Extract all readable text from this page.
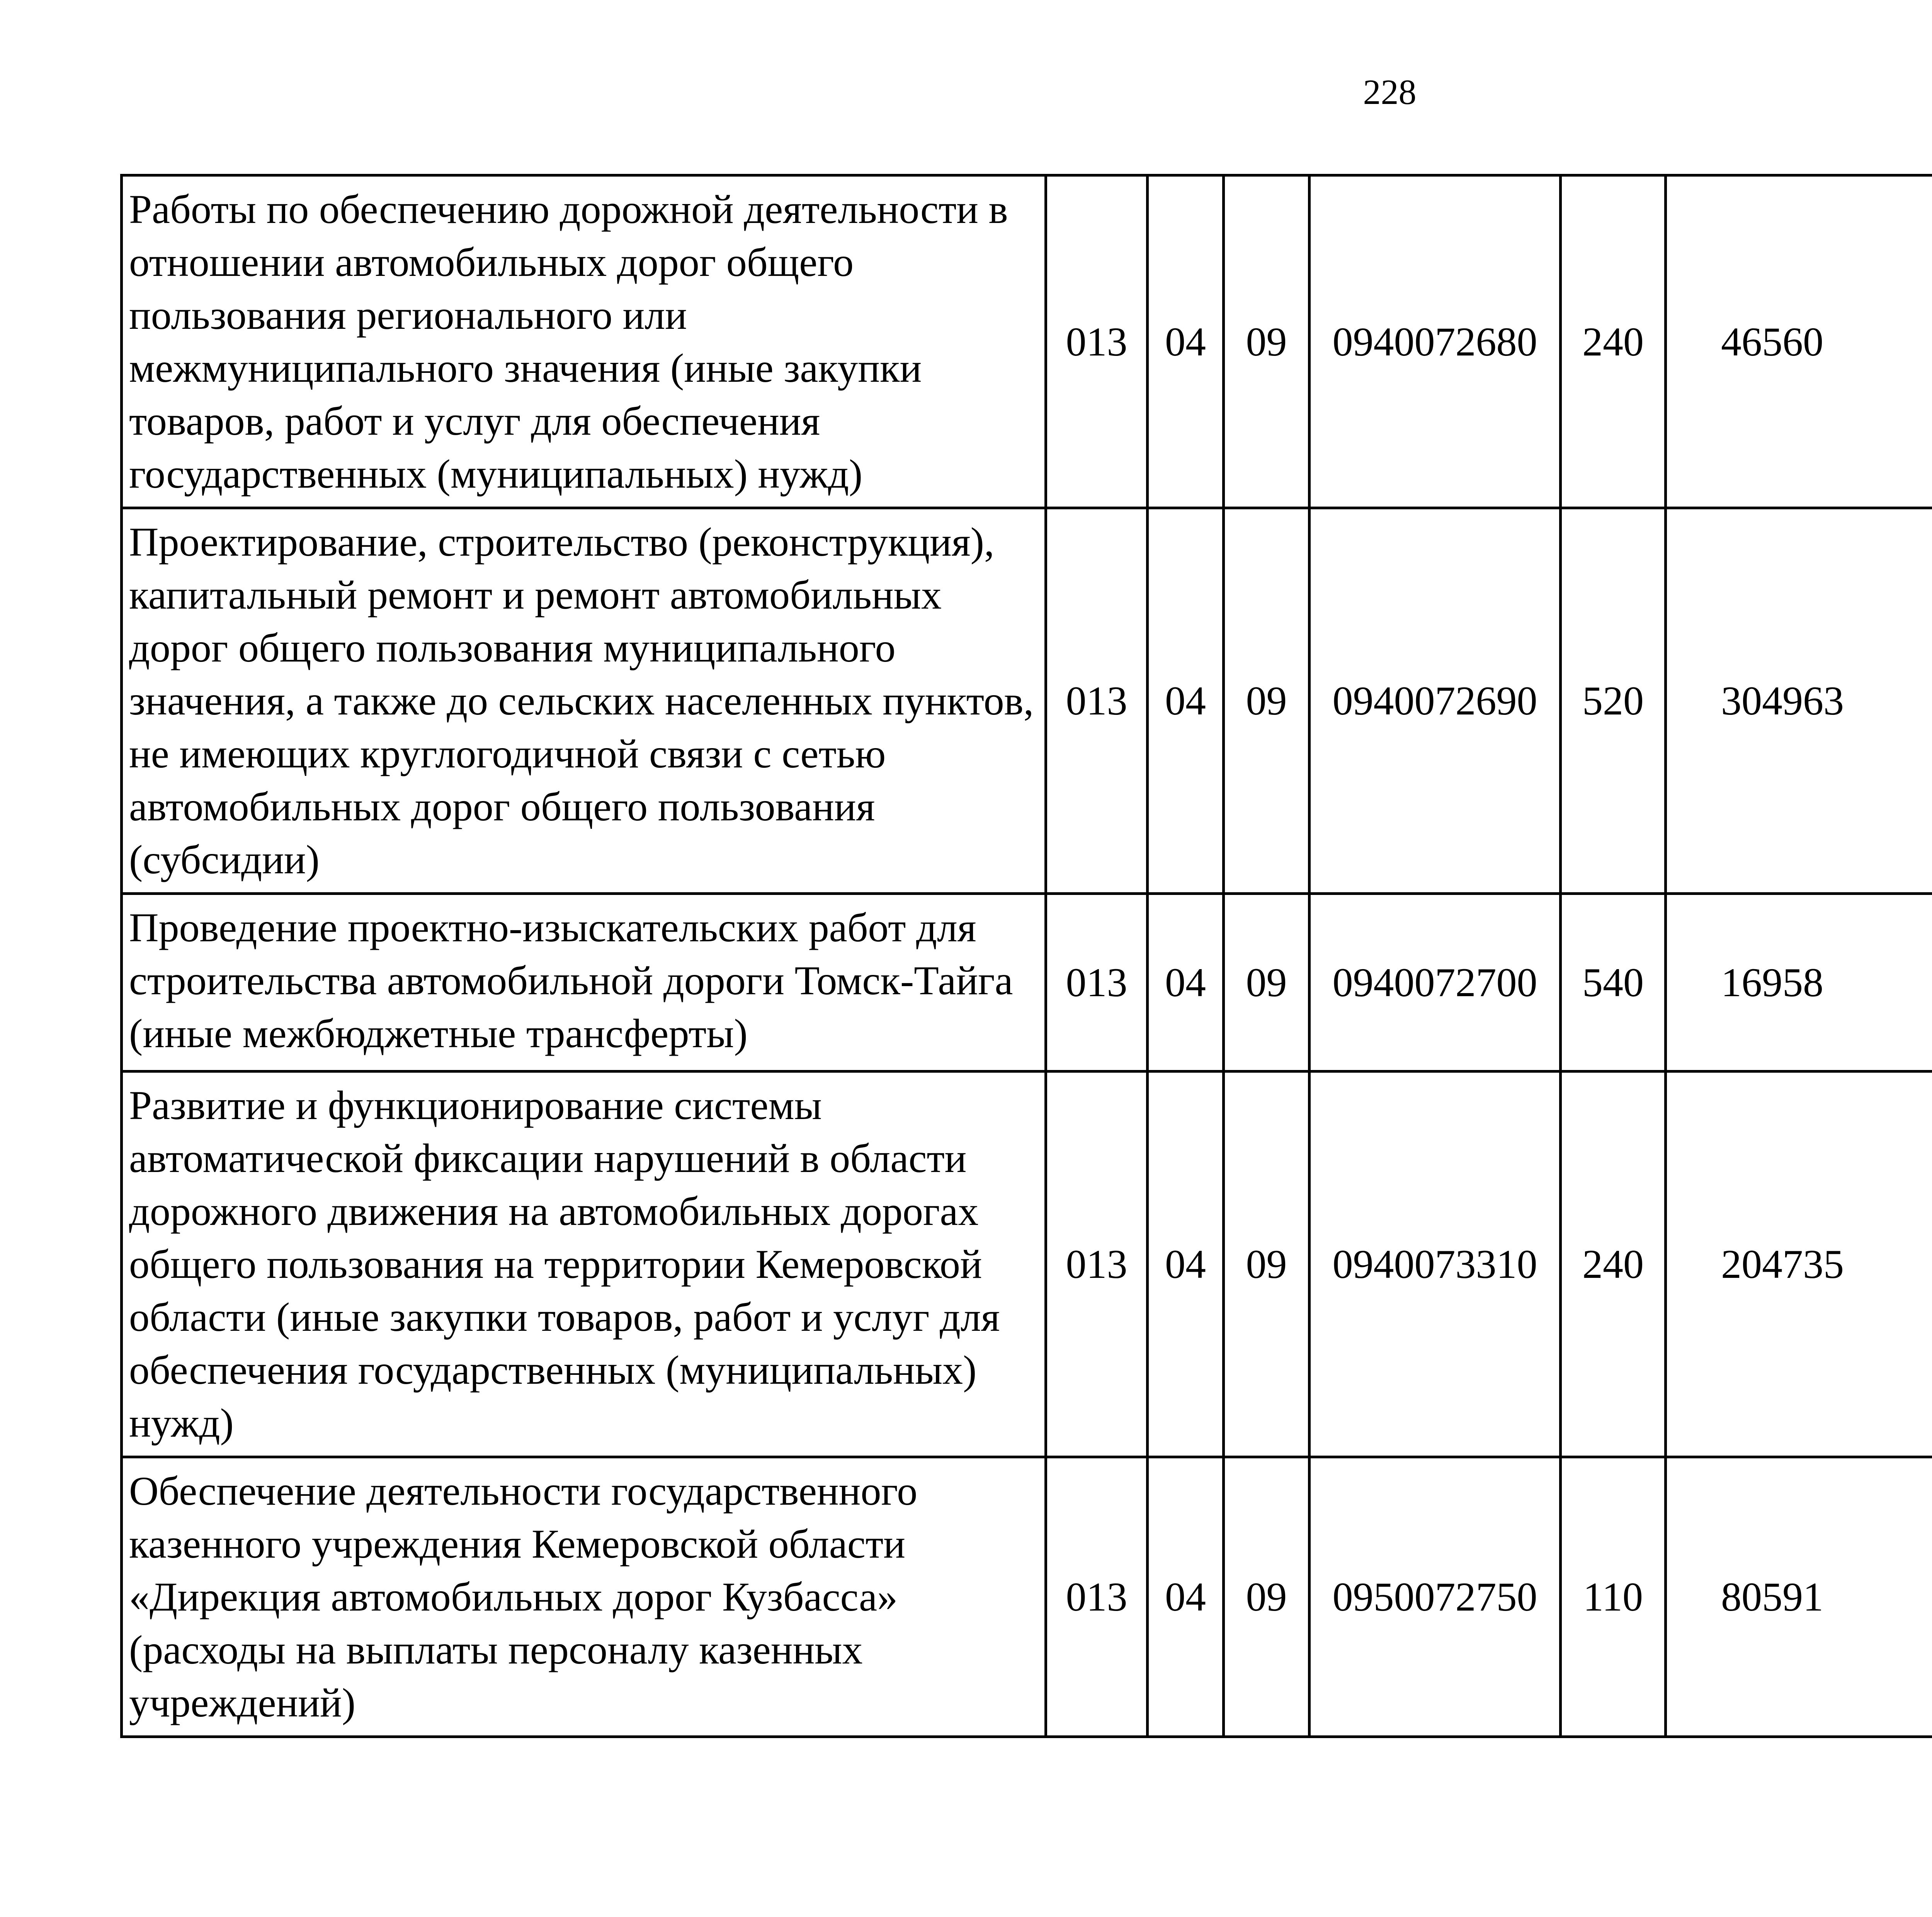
228
Работы по обеспечению дорожной деятельности в отношении автомобильных дорог общего пользования регионального или межмуниципального значения (иные закупки товаров, работ и услуг для обеспечения государственных (муниципальных) нужд)	013	04	09	0940072680	240	46560		
Проектирование, строительство (реконструкция), капитальный ремонт и ремонт автомобильных дорог общего пользования муниципального значения, а также до сельских населенных пунктов, не имеющих круглогодичной связи с сетью автомобильных дорог общего пользования (субсидии)	013	04	09	0940072690	520	304963		
Проведение проектно-изыскательских работ для строительства автомобильной дороги Томск-Тайга (иные межбюджетные трансферты)	013	04	09	0940072700	540	16958		
Развитие и функционирование системы автоматической фиксации нарушений в области дорожного движения на автомобильных дорогах общего пользования на территории Кемеровской области (иные закупки товаров, работ и услуг для обеспечения государственных (муниципальных) нужд)	013	04	09	0940073310	240	204735		
Обеспечение деятельности государственного казенного учреждения Кемеровской области «Дирекция автомобильных дорог Кузбасса» (расходы на выплаты персоналу казенных учреждений)	013	04	09	0950072750	110	80591		
